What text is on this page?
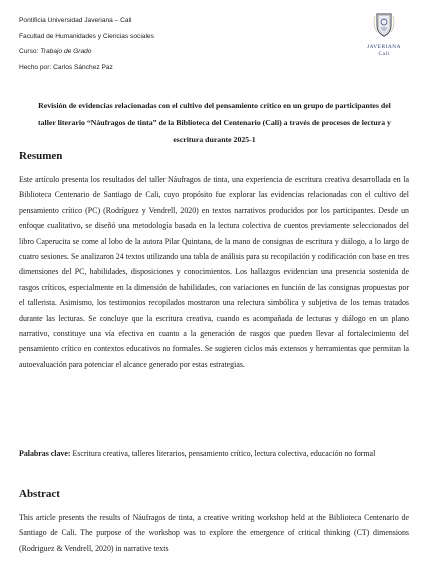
Pontificia Universidad Javeriana – Cali
Facultad de Humanidades y Ciencias sociales
Curso: Trabajo de Grado
Hecho por: Carlos Sánchez Paz
JAVERIANA
Cali
Revisión de evidencias relacionadas con el cultivo del pensamiento crítico en un grupo de participantes del taller literario “Náufragos de tinta” de la Biblioteca del Centenario (Cali) a través de procesos de lectura y escritura durante 2025-1
Resumen
Este artículo presenta los resultados del taller Náufragos de tinta, una experiencia de escritura creativa desarrollada en la Biblioteca Centenario de Santiago de Cali, cuyo propósito fue explorar las evidencias relacionadas con el cultivo del pensamiento crítico (PC) (Rodríguez y Vendrell, 2020) en textos narrativos producidos por los participantes. Desde un enfoque cualitativo, se diseñó una metodología basada en la lectura colectiva de cuentos previamente seleccionados del libro Caperucita se come al lobo de la autora Pilar Quintana, de la mano de consignas de escritura y diálogo, a lo largo de cuatro sesiones. Se analizaron 24 textos utilizando una tabla de análisis para su recopilación y codificación con base en tres dimensiones del PC, habilidades, disposiciones y conocimientos. Los hallazgos evidencian una presencia sostenida de rasgos críticos, especialmente en la dimensión de habilidades, con variaciones en función de las consignas propuestas por el tallerista. Asimismo, los testimonios recopilados mostraron una relectura simbólica y subjetiva de los temas tratados durante las lecturas. Se concluye que la escritura creativa, cuando es acompañada de lecturas y diálogo en un plano narrativo, constituye una vía efectiva en cuanto a la generación de rasgos que pueden llevar al fortalecimiento del pensamiento crítico en contextos educativos no formales. Se sugieren ciclos más extensos y herramientas que permitan la autoevaluación para potenciar el alcance generado por estas estrategias.
Palabras clave: Escritura creativa, talleres literarios, pensamiento crítico, lectura colectiva, educación no formal
Abstract
This article presents the results of Náufragos de tinta, a creative writing workshop held at the Biblioteca Centenario de Santiago de Cali. The purpose of the workshop was to explore the emergence of critical thinking (CT) dimensions (Rodriguez & Vendrell, 2020) in narrative texts
